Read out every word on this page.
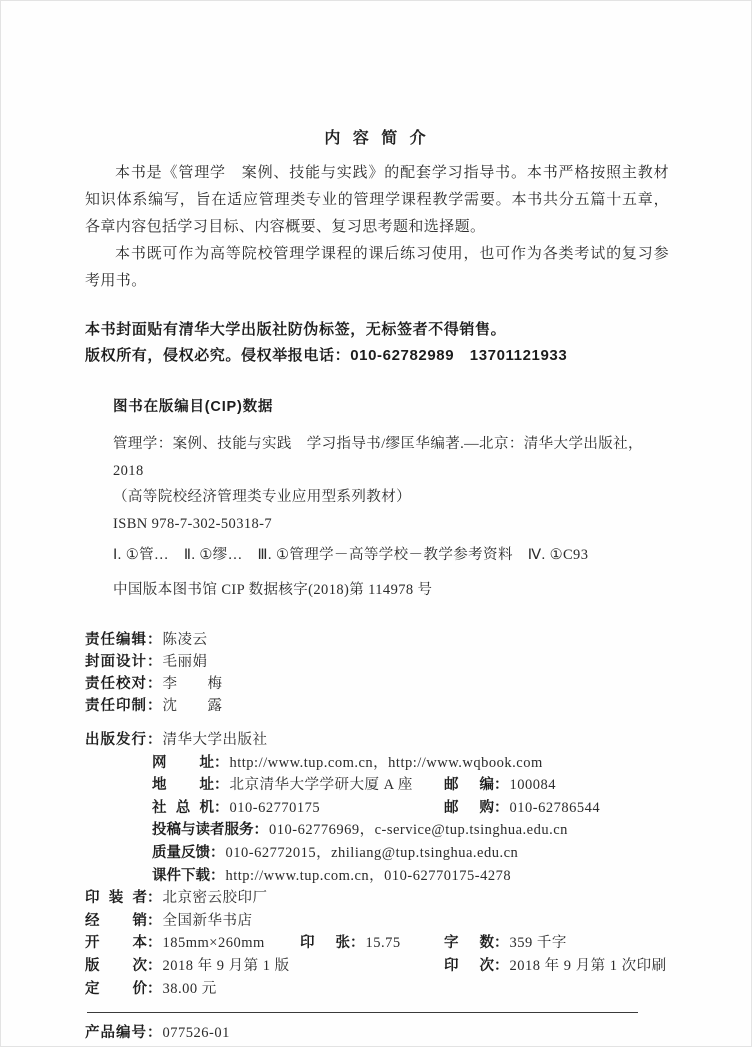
内 容 简 介

本书是《管理学　案例、技能与实践》的配套学习指导书。本书严格按照主教材知识体系编写，旨在适应管理类专业的管理学课程教学需要。本书共分五篇十五章，各章内容包括学习目标、内容概要、复习思考题和选择题。

本书既可作为高等院校管理学课程的课后练习使用，也可作为各类考试的复习参考用书。

本书封面贴有清华大学出版社防伪标签，无标签者不得销售。
版权所有，侵权必究。侵权举报电话：010-62782989　13701121933
图书在版编目(CIP)数据
管理学：案例、技能与实践　学习指导书/缪匡华编著.—北京：清华大学出版社，2018
（高等院校经济管理类专业应用型系列教材）
ISBN 978-7-302-50318-7
Ⅰ. ①管…　Ⅱ. ①缪…　Ⅲ. ①管理学－高等学校－教学参考资料　Ⅳ. ①C93
中国版本图书馆 CIP 数据核字(2018)第 114978 号
责任编辑：陈凌云
封面设计：毛丽娟
责任校对：李　　梅
责任印制：沈　　露
出版发行：清华大学出版社
网址：http://www.tup.com.cn，http://www.wqbook.com
地址：北京清华大学学研大厦 A 座 邮编：100084
社总机：010-62770175	邮购：010-62786544
投稿与读者服务：010-62776969，c-service@tup.tsinghua.edu.cn
质量反馈：010-62772015，zhiliang@tup.tsinghua.edu.cn
课件下载：http://www.tup.com.cn，010-62770175-4278
印装者：北京密云胶印厂
经销：全国新华书店
开本：185mm×260mm 印张：15.75	字数：359 千字
版次：2018 年 9 月第 1 版	印次：2018 年 9 月第 1 次印刷
定价：38.00 元
产品编号：077526-01
